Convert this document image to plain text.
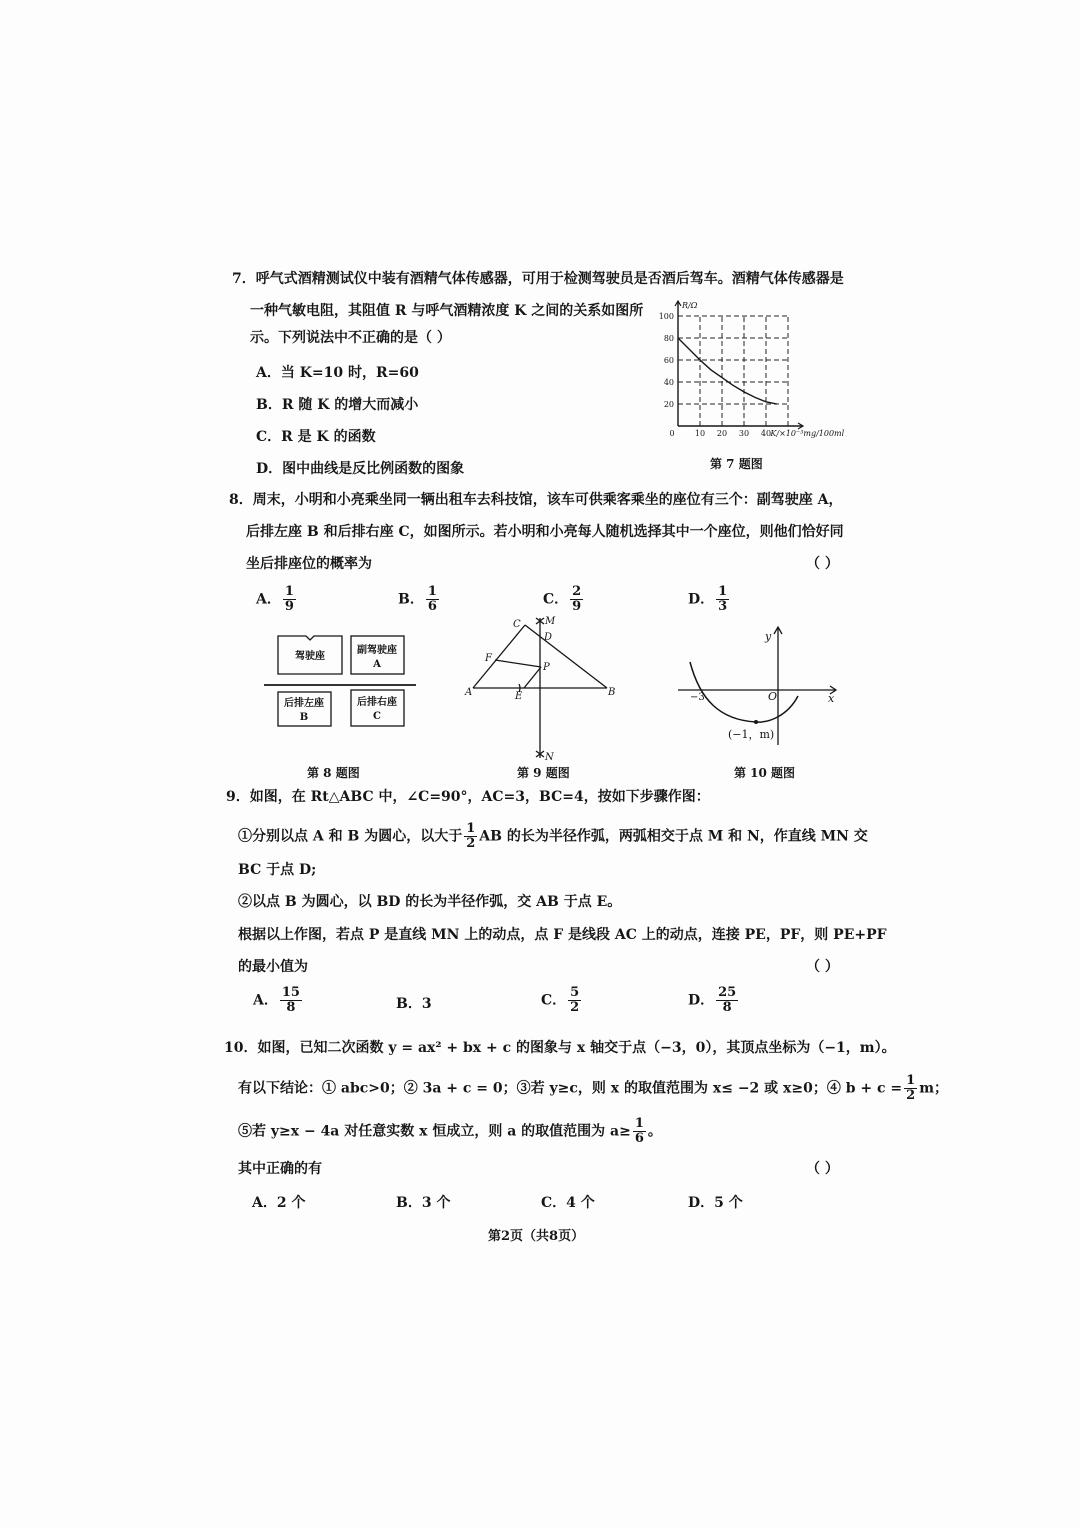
7．呼气式酒精测试仪中装有酒精气体传感器，可用于检测驾驶员是否酒后驾车。酒精气体传感器是
一种气敏电阻，其阻值 R 与呼气酒精浓度 K 之间的关系如图所
示。下列说法中不正确的是（ ）
A．当 K=10 时，R=60
B．R 随 K 的增大而减小
C．R 是 K 的函数
D．图中曲线是反比例函数的图象
0	10 20 30 40
20
40
60
80
100
R/Ω
K/×10⁻³mg/100ml
第 7 题图
8．周末，小明和小亮乘坐同一辆出租车去科技馆，该车可供乘客乘坐的座位有三个：副驾驶座 A，
后排左座 B 和后排右座 C，如图所示。若小明和小亮每人随机选择其中一个座位，则他们恰好同
坐后排座位的概率为	（ ）
A． $\frac{1}{9}$	B． $\frac{1}{6}$	C． $\frac{2}{9}$	D． $\frac{1}{3}$
驾驶座
副驾驶座
A
后排左座
B
后排右座
C
第 8 题图
C M
D
F
P
A	E	B
N
第 9 题图
y
x
O
−3
(−1，m)
第 10 题图
9．如图，在 Rt△ABC 中，∠C=90°，AC=3，BC=4，按如下步骤作图：
①分别以点 A 和 B 为圆心，以大于 $\frac{1}{2}$ AB 的长为半径作弧，两弧相交于点 M 和 N，作直线 MN 交
BC 于点 D;
②以点 B 为圆心，以 BD 的长为半径作弧，交 AB 于点 E。
根据以上作图，若点 P 是直线 MN 上的动点，点 F 是线段 AC 上的动点，连接 PE，PF，则 PE+PF
的最小值为	（ ）
A． $\frac{15}{8}$	B．3	C． $\frac{5}{2}$	D． $\frac{25}{8}$
10．如图，已知二次函数 y = ax² + bx + c 的图象与 x 轴交于点（−3，0），其顶点坐标为（−1，m）。
有以下结论：① abc>0；② 3a + c = 0；③若 y≥c，则 x 的取值范围为 x≤ −2 或 x≥0；④ $b + c = \frac{1}{2}$ m；
⑤若 y≥x − 4a 对任意实数 x 恒成立，则 a 的取值范围为 $a\ge \frac{1}{6}$ 。
其中正确的有	（ ）
A．2 个	B．3 个	C．4 个	D．5 个
第2页（共8页）
